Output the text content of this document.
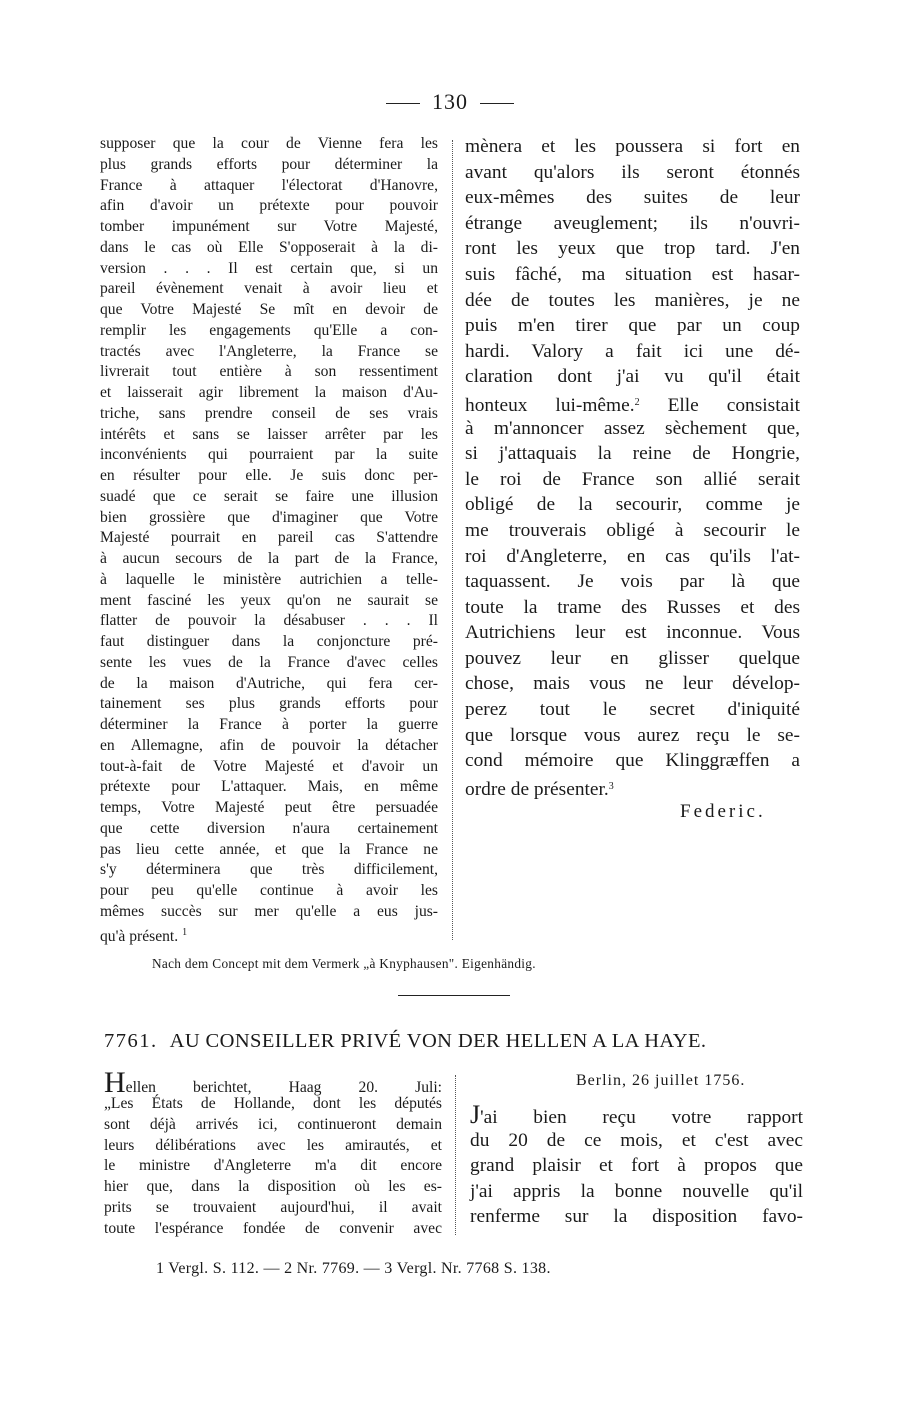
130
supposer que la cour de Vienne fera les
plus grands efforts pour déterminer la
France à attaquer l'électorat d'Hanovre,
afin d'avoir un prétexte pour pouvoir
tomber impunément sur Votre Majesté,
dans le cas où Elle S'opposerait à la di-
version . . . Il est certain que, si un
pareil évènement venait à avoir lieu et
que Votre Majesté Se mît en devoir de
remplir les engagements qu'Elle a con-
tractés avec l'Angleterre, la France se
livrerait tout entière à son ressentiment
et laisserait agir librement la maison d'Au-
triche, sans prendre conseil de ses vrais
intérêts et sans se laisser arrêter par les
inconvénients qui pourraient par la suite
en résulter pour elle. Je suis donc per-
suadé que ce serait se faire une illusion
bien grossière que d'imaginer que Votre
Majesté pourrait en pareil cas S'attendre
à aucun secours de la part de la France,
à laquelle le ministère autrichien a telle-
ment fasciné les yeux qu'on ne saurait se
flatter de pouvoir la désabuser . . . Il
faut distinguer dans la conjoncture pré-
sente les vues de la France d'avec celles
de la maison d'Autriche, qui fera cer-
tainement ses plus grands efforts pour
déterminer la France à porter la guerre
en Allemagne, afin de pouvoir la détacher
tout-à-fait de Votre Majesté et d'avoir un
prétexte pour L'attaquer. Mais, en même
temps, Votre Majesté peut être persuadée
que cette diversion n'aura certainement
pas lieu cette année, et que la France ne
s'y déterminera que très difficilement,
pour peu qu'elle continue à avoir les
mêmes succès sur mer qu'elle a eus jus-
qu'à présent. $^1$
mènera et les poussera si fort en
avant qu'alors ils seront étonnés
eux-mêmes des suites de leur
étrange aveuglement; ils n'ouvri-
ront les yeux que trop tard. J'en
suis fâché, ma situation est hasar-
dée de toutes les manières, je ne
puis m'en tirer que par un coup
hardi. Valory a fait ici une dé-
claration dont j'ai vu qu'il était
honteux lui-même.$^2$ Elle consistait
à m'annoncer assez sèchement que,
si j'attaquais la reine de Hongrie,
le roi de France son allié serait
obligé de la secourir, comme je
me trouverais obligé à secourir le
roi d'Angleterre, en cas qu'ils l'at-
taquassent. Je vois par là que
toute la trame des Russes et des
Autrichiens leur est inconnue. Vous
pouvez leur en glisser quelque
chose, mais vous ne leur dévelop-
perez tout le secret d'iniquité
que lorsque vous aurez reçu le se-
cond mémoire que Klinggræffen a
ordre de présenter.$^3$
Federic.
Nach dem Concept mit dem Vermerk „à Knyphausen". Eigenhändig.
7761. AU CONSEILLER PRIVÉ VON DER HELLEN A LA HAYE.
Hellen berichtet, Haag 20. Juli:
„Les États de Hollande, dont les députés
sont déjà arrivés ici, continueront demain
leurs délibérations avec les amirautés, et
le ministre d'Angleterre m'a dit encore
hier que, dans la disposition où les es-
prits se trouvaient aujourd'hui, il avait
toute l'espérance fondée de convenir avec
Berlin, 26 juillet 1756.
J'ai bien reçu votre rapport
du 20 de ce mois, et c'est avec
grand plaisir et fort à propos que
j'ai appris la bonne nouvelle qu'il
renferme sur la disposition favo-
1 Vergl. S. 112. — 2 Nr. 7769. — 3 Vergl. Nr. 7768 S. 138.
